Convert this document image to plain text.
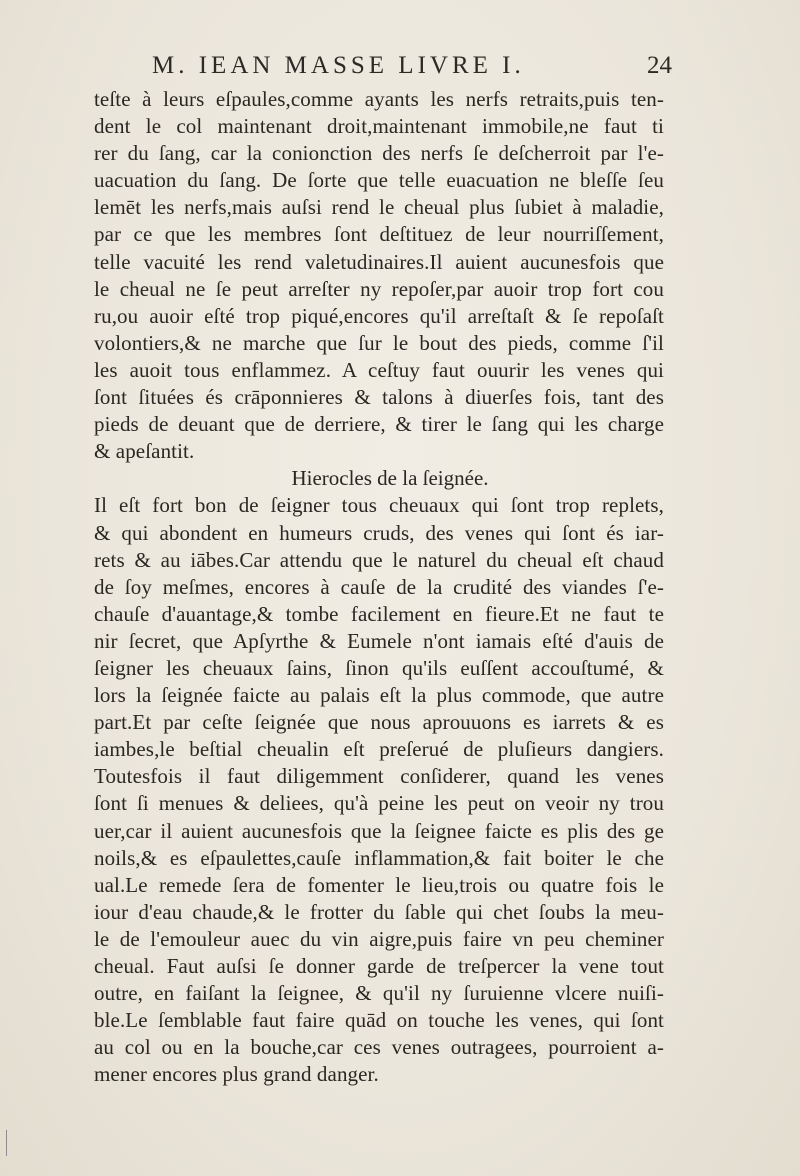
M. IEAN MASSE LIVRE I.	24
teſte à leurs eſpaules,comme ayants les nerfs retraits,puis ten-
dent le col maintenant droit,maintenant immobile,ne faut ti
rer du ſang, car la conionction des nerfs ſe deſcherroit par l'e-
uacuation du ſang. De ſorte que telle euacuation ne bleſſe ſeu
lemēt les nerfs,mais auſsi rend le cheual plus ſubiet à maladie,
par ce que les membres ſont deſtituez de leur nourriſſement,
telle vacuité les rend valetudinaires.Il auient aucunesfois que
le cheual ne ſe peut arreſter ny repoſer,par auoir trop fort cou
ru,ou auoir eſté trop piqué,encores qu'il arreſtaſt & ſe repoſaſt
volontiers,& ne marche que ſur le bout des pieds, comme ſ'il
les auoit tous enflammez. A ceſtuy faut ouurir les venes qui
ſont ſituées és crāponnieres & talons à diuerſes fois, tant des
pieds de deuant que de derriere, & tirer le ſang qui les charge
& apeſantit.
Hierocles de la ſeignée.
Il eſt fort bon de ſeigner tous cheuaux qui ſont trop replets,
& qui abondent en humeurs cruds, des venes qui ſont és iar-
rets & au iābes.Car attendu que le naturel du cheual eſt chaud
de ſoy meſmes, encores à cauſe de la crudité des viandes ſ'e-
chauſe d'auantage,& tombe facilement en fieure.Et ne faut te
nir ſecret, que Apſyrthe & Eumele n'ont iamais eſté d'auis de
ſeigner les cheuaux ſains, ſinon qu'ils euſſent accouſtumé, &
lors la ſeignée faicte au palais eſt la plus commode, que autre
part.Et par ceſte ſeignée que nous aprouuons es iarrets & es
iambes,le beſtial cheualin eſt preſerué de pluſieurs dangiers.
Toutesfois il faut diligemment conſiderer, quand les venes
ſont ſi menues & deliees, qu'à peine les peut on veoir ny trou
uer,car il auient aucunesfois que la ſeignee faicte es plis des ge
noils,& es eſpaulettes,cauſe inflammation,& fait boiter le che
ual.Le remede ſera de fomenter le lieu,trois ou quatre fois le
iour d'eau chaude,& le frotter du ſable qui chet ſoubs la meu-
le de l'emouleur auec du vin aigre,puis faire vn peu cheminer
cheual. Faut auſsi ſe donner garde de treſpercer la vene tout
outre, en faiſant la ſeignee, & qu'il ny ſuruienne vlcere nuiſi-
ble.Le ſemblable faut faire quād on touche les venes, qui ſont
au col ou en la bouche,car ces venes outragees, pourroient a-
mener encores plus grand danger.
